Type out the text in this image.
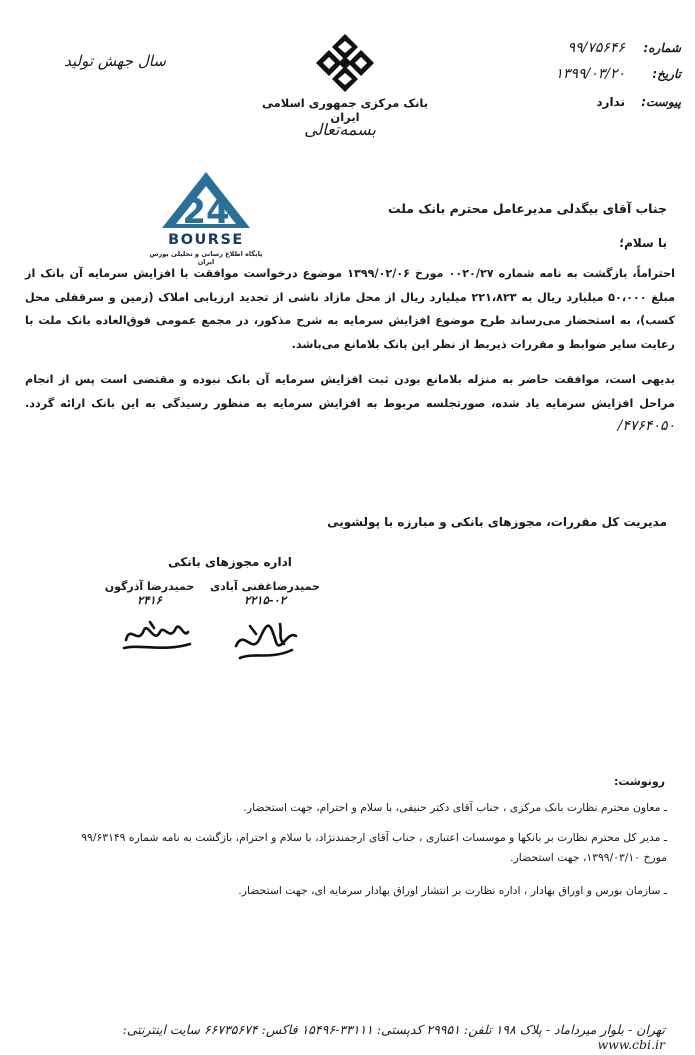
شماره:
۹۹/۷۵۶۴۶
تاریخ:
۱۳۹۹/۰۳/۲۰
پیوست:
ندارد
بانک مرکزی جمهوری اسلامی ایران
بسمه‌تعالی
سال جهش تولید
24
BOURSE
پایگاه اطلاع رسانی و تحلیلی بورس ایران
جناب آقای بیگدلی مدیرعامل محترم بانک ملت
با سلام؛
احتراماً، بازگشت به نامه شماره ۰۰۲۰/۲۷ مورخ ۱۳۹۹/۰۲/۰۶ موضوع درخواست موافقت با افزایش سرمایه آن بانک از مبلغ ۵۰،۰۰۰ میلیارد ریال به ۲۲۱،۸۲۳ میلیارد ریال از محل مازاد ناشی از تجدید ارزیابی املاک (زمین و سرقفلی محل کسب)، به استحضار می‌رساند طرح موضوع افزایش سرمایه به شرح مذکور، در مجمع عمومی فوق‌العاده بانک ملت با رعایت سایر ضوابط و مقررات ذیربط از نظر این بانک بلامانع می‌باشد.
بدیهی است، موافقت حاضر به منزله بلامانع بودن ثبت افزایش سرمایه آن بانک نبوده و مقتضی است پس از انجام مراحل افزایش سرمایه یاد شده، صورتجلسه مربوط به افزایش سرمایه به منظور رسیدگی به این بانک ارائه گردد. ۴۷۶۴۰۵۰/
مدیریت کل مقررات، مجوزهای بانکی و مبارزه با پولشویی
اداره مجوزهای بانکی
حمیدرضاغفنی آبادی
۲۲۱۵-۰۲
حمیدرضا آذرگون
۲۴۱۶
رونوشت:
ـ معاون محترم نظارت بانک مرکزی ، جناب آقای دکتر حنیفی، با سلام و احترام، جهت استحضار.
ـ مدیر کل محترم نظارت بر بانکها و موسسات اعتباری ، جناب آقای ارجمندنژاد، با سلام و احترام، بازگشت به نامه شماره ۹۹/۶۳۱۴۹ مورخ ۱۳۹۹/۰۳/۱۰، جهت استحضار.
ـ سازمان بورس و اوراق بهادار ، اداره نظارت بر انتشار اوراق بهادار سرمایه ای، جهت استحضار.
تهران - بلوار میرداماد - پلاک ۱۹۸ تلفن: ۲۹۹۵۱ کدپستی: ۳۳۱۱۱-۱۵۴۹۶ فاکس: ۶۶۷۳۵۶۷۴ سایت اینترنتی: www.cbi.ir
